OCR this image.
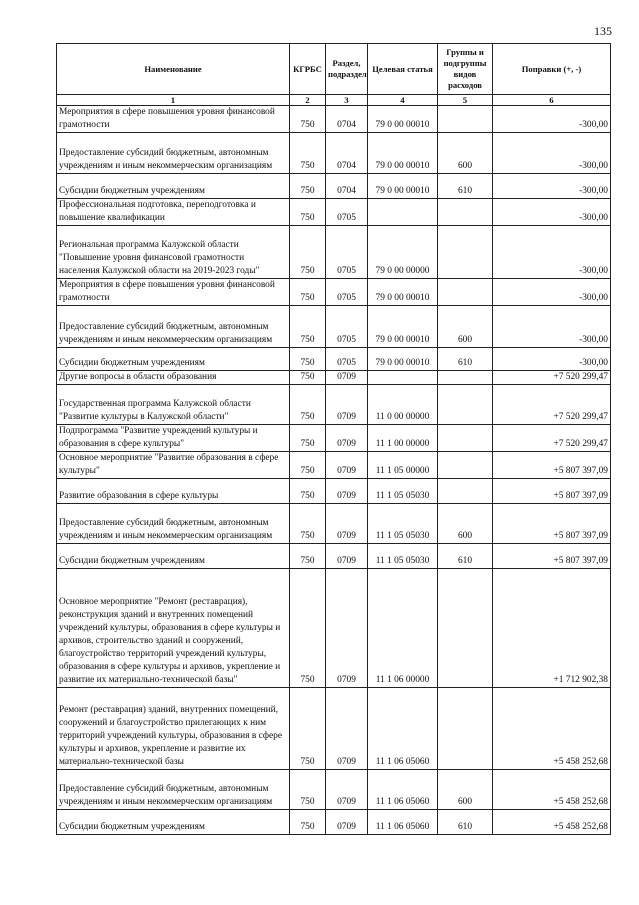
135
Наименование	КГРБС	Раздел, подраздел	Целевая статья	Группы и подгруппы видов расходов	Поправки (+, -)
1	2	3	4	5	6
Мероприятия в сфере повышения уровня финансовой грамотности	750	0704	79 0 00 00010		-300,00
Предоставление субсидий бюджетным, автономным учреждениям и иным некоммерческим организациям	750	0704	79 0 00 00010	600	-300,00
Субсидии бюджетным учреждениям	750	0704	79 0 00 00010	610	-300,00
Профессиональная подготовка, переподготовка и повышение квалификации	750	0705			-300,00
Региональная программа Калужской области "Повышение уровня финансовой грамотности населения Калужской области на 2019-2023 годы"	750	0705	79 0 00 00000		-300,00
Мероприятия в сфере повышения уровня финансовой грамотности	750	0705	79 0 00 00010		-300,00
Предоставление субсидий бюджетным, автономным учреждениям и иным некоммерческим организациям	750	0705	79 0 00 00010	600	-300,00
Субсидии бюджетным учреждениям	750	0705	79 0 00 00010	610	-300,00
Другие вопросы в области образования	750	0709			+7 520 299,47
Государственная программа Калужской области "Развитие культуры в Калужской области"	750	0709	11 0 00 00000		+7 520 299,47
Подпрограмма "Развитие учреждений культуры и образования в сфере культуры"	750	0709	11 1 00 00000		+7 520 299,47
Основное мероприятие "Развитие образования в сфере культуры"	750	0709	11 1 05 00000		+5 807 397,09
Развитие образования в сфере культуры	750	0709	11 1 05 05030		+5 807 397,09
Предоставление субсидий бюджетным, автономным учреждениям и иным некоммерческим организациям	750	0709	11 1 05 05030	600	+5 807 397,09
Субсидии бюджетным учреждениям	750	0709	11 1 05 05030	610	+5 807 397,09
Основное мероприятие "Ремонт (реставрация), реконструкция зданий и внутренних помещений учреждений культуры, образования в сфере культуры и архивов, строительство зданий и сооружений, благоустройство территорий учреждений культуры, образования в сфере культуры и архивов, укрепление и развитие их материально-технической базы"	750	0709	11 1 06 00000		+1 712 902,38
Ремонт (реставрация) зданий, внутренних помещений, сооружений и благоустройство прилегающих к ним территорий учреждений культуры, образования в сфере культуры и архивов, укрепление и развитие их материально-технической базы	750	0709	11 1 06 05060		+5 458 252,68
Предоставление субсидий бюджетным, автономным учреждениям и иным некоммерческим организациям	750	0709	11 1 06 05060	600	+5 458 252,68
Субсидии бюджетным учреждениям	750	0709	11 1 06 05060	610	+5 458 252,68
